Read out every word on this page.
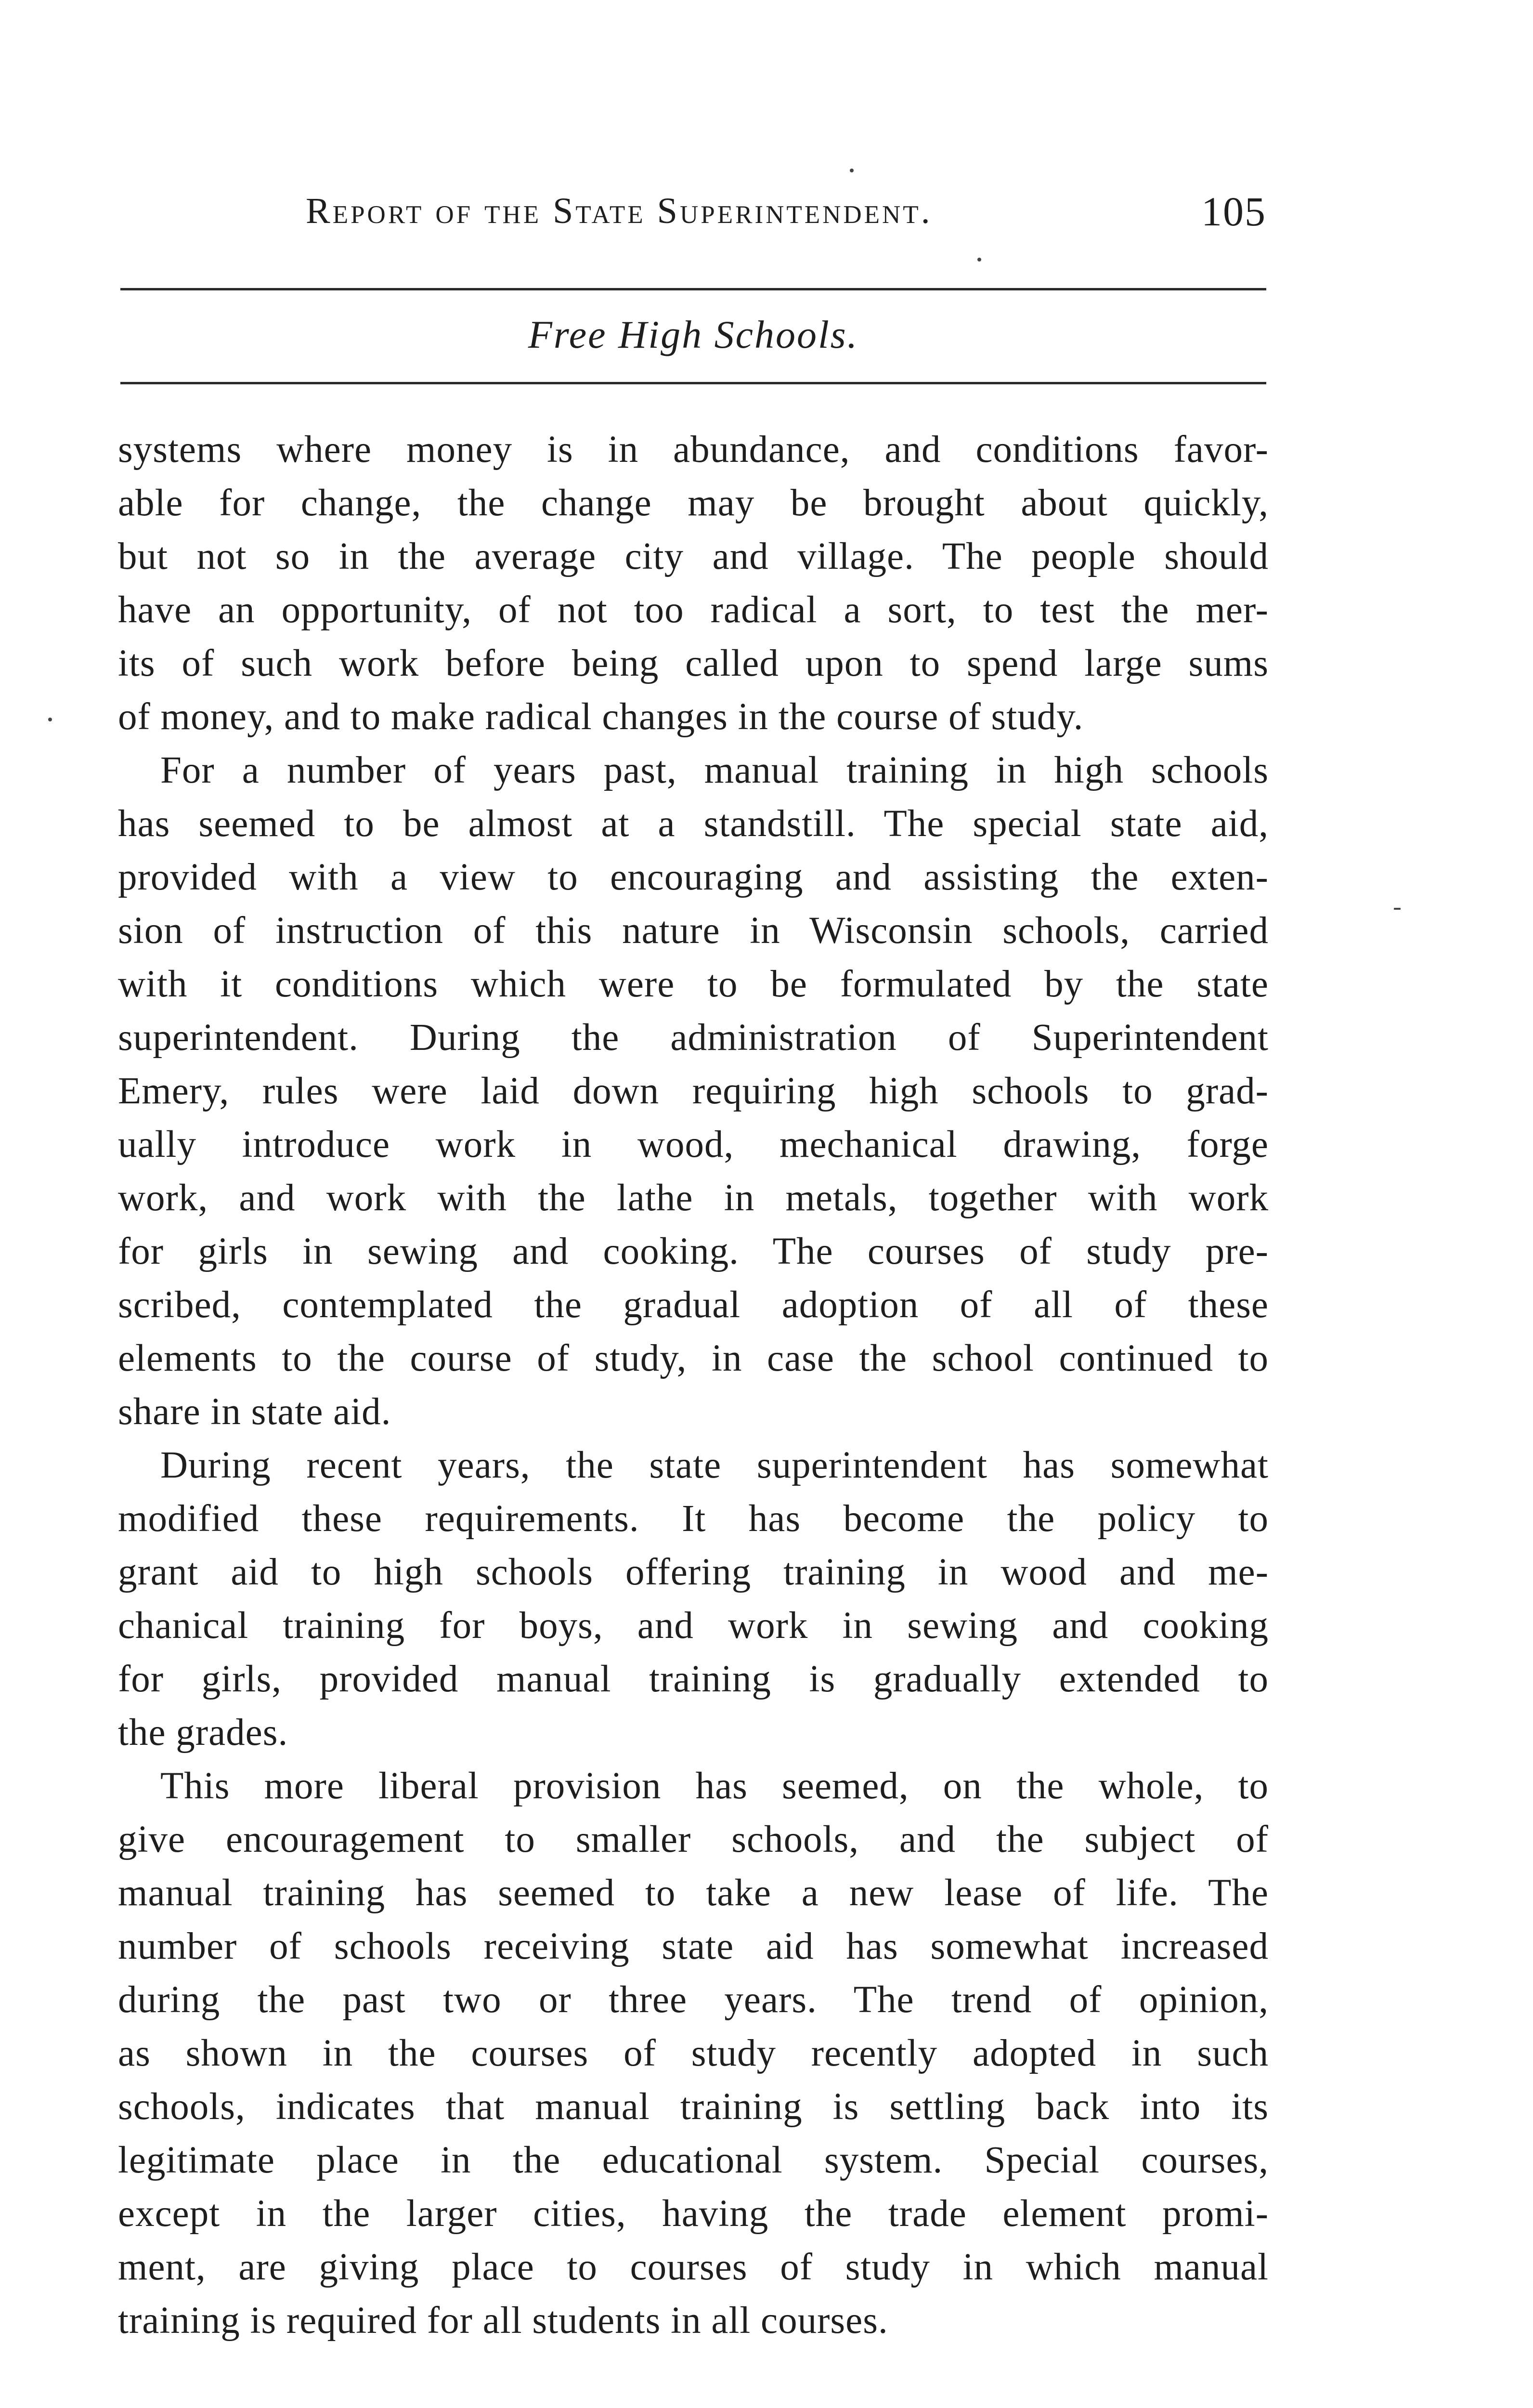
Report of the State Superintendent.	105
Free High Schools.
systems where money is in abundance, and conditions favor-
able for change, the change may be brought about quickly,
but not so in the average city and village. The people should
have an opportunity, of not too radical a sort, to test the mer-
its of such work before being called upon to spend large sums
of money, and to make radical changes in the course of study.
For a number of years past, manual training in high schools
has seemed to be almost at a standstill. The special state aid,
provided with a view to encouraging and assisting the exten-
sion of instruction of this nature in Wisconsin schools, carried
with it conditions which were to be formulated by the state
superintendent. During the administration of Superintendent
Emery, rules were laid down requiring high schools to grad-
ually introduce work in wood, mechanical drawing, forge
work, and work with the lathe in metals, together with work
for girls in sewing and cooking. The courses of study pre-
scribed, contemplated the gradual adoption of all of these
elements to the course of study, in case the school continued to
share in state aid.
During recent years, the state superintendent has somewhat
modified these requirements. It has become the policy to
grant aid to high schools offering training in wood and me-
chanical training for boys, and work in sewing and cooking
for girls, provided manual training is gradually extended to
the grades.
This more liberal provision has seemed, on the whole, to
give encouragement to smaller schools, and the subject of
manual training has seemed to take a new lease of life. The
number of schools receiving state aid has somewhat increased
during the past two or three years. The trend of opinion,
as shown in the courses of study recently adopted in such
schools, indicates that manual training is settling back into its
legitimate place in the educational system. Special courses,
except in the larger cities, having the trade element promi-
ment, are giving place to courses of study in which manual
training is required for all students in all courses.
